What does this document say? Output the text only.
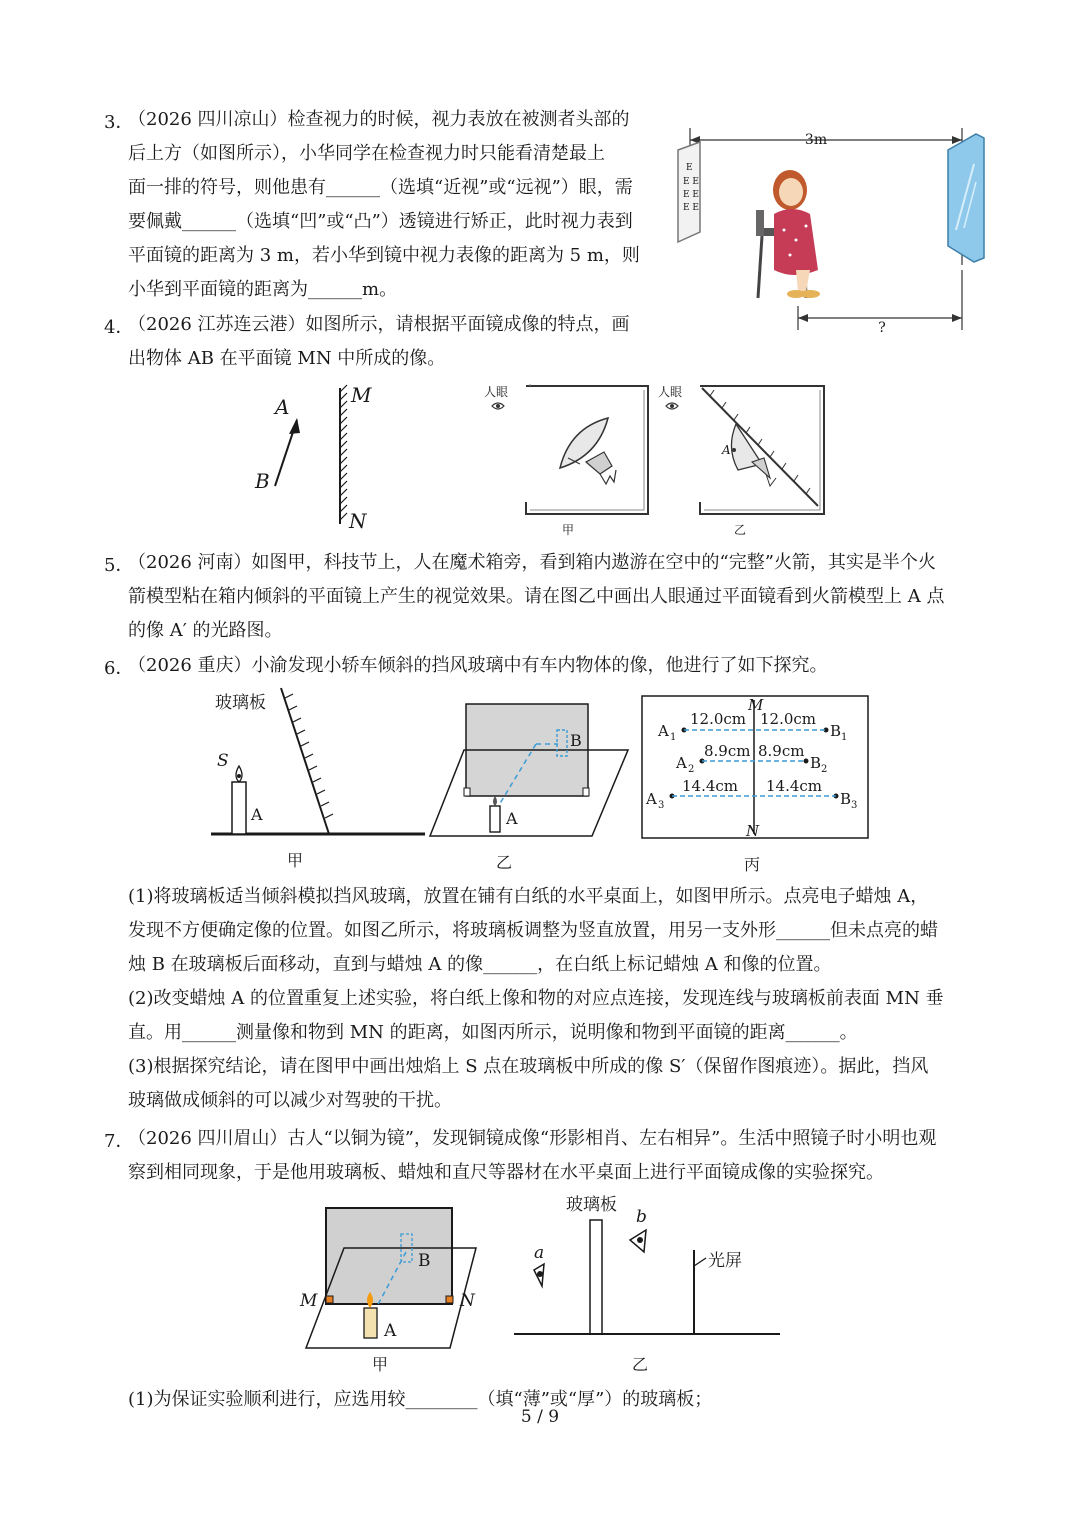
3．
（2026 四川凉山）检查视力的时候，视力表放在被测者头部的
后上方（如图所示），小华同学在检查视力时只能看清楚最上
面一排的符号，则他患有______（选填“近视”或“远视”）眼，需
要佩戴______（选填“凹”或“凸”）透镜进行矫正，此时视力表到
平面镜的距离为 3 m，若小华到镜中视力表像的距离为 5 m，则
小华到平面镜的距离为______m。
3m
E
E E
E E
E E
?
4．
（2026 江苏连云港）如图所示，请根据平面镜成像的特点，画
出物体 AB 在平面镜 MN 中所成的像。
A
B
M
N
人眼
甲
人眼
A
乙
5．
（2026 河南）如图甲，科技节上，人在魔术箱旁，看到箱内遨游在空中的“完整”火箭，其实是半个火
箭模型粘在箱内倾斜的平面镜上产生的视觉效果。请在图乙中画出人眼通过平面镜看到火箭模型上 A 点
的像 A′ 的光路图。
6．
（2026 重庆）小渝发现小轿车倾斜的挡风玻璃中有车内物体的像，他进行了如下探究。
玻璃板
S
A
甲
B
A
乙
M
N
A 1
12.0cm 12.0cm
B 1
A 2
8.9cm 8.9cm
B 2
A 3
14.4cm 14.4cm
B 3
丙
(1)将玻璃板适当倾斜模拟挡风玻璃，放置在铺有白纸的水平桌面上，如图甲所示。点亮电子蜡烛 A，
发现不方便确定像的位置。如图乙所示，将玻璃板调整为竖直放置，用另一支外形______但未点亮的蜡
烛 B 在玻璃板后面移动，直到与蜡烛 A 的像______，在白纸上标记蜡烛 A 和像的位置。
(2)改变蜡烛 A 的位置重复上述实验，将白纸上像和物的对应点连接，发现连线与玻璃板前表面 MN 垂
直。用______测量像和物到 MN 的距离，如图丙所示，说明像和物到平面镜的距离______。
(3)根据探究结论，请在图甲中画出烛焰上 S 点在玻璃板中所成的像 S′（保留作图痕迹）。据此，挡风
玻璃做成倾斜的可以减少对驾驶的干扰。
7．
（2026 四川眉山）古人“以铜为镜”，发现铜镜成像“形影相肖、左右相异”。生活中照镜子时小明也观
察到相同现象，于是他用玻璃板、蜡烛和直尺等器材在水平桌面上进行平面镜成像的实验探究。
B
A
M	N
甲
玻璃板
光屏
a
b
乙
(1)为保证实验顺利进行，应选用较________（填“薄”或“厚”）的玻璃板；
5 / 9
